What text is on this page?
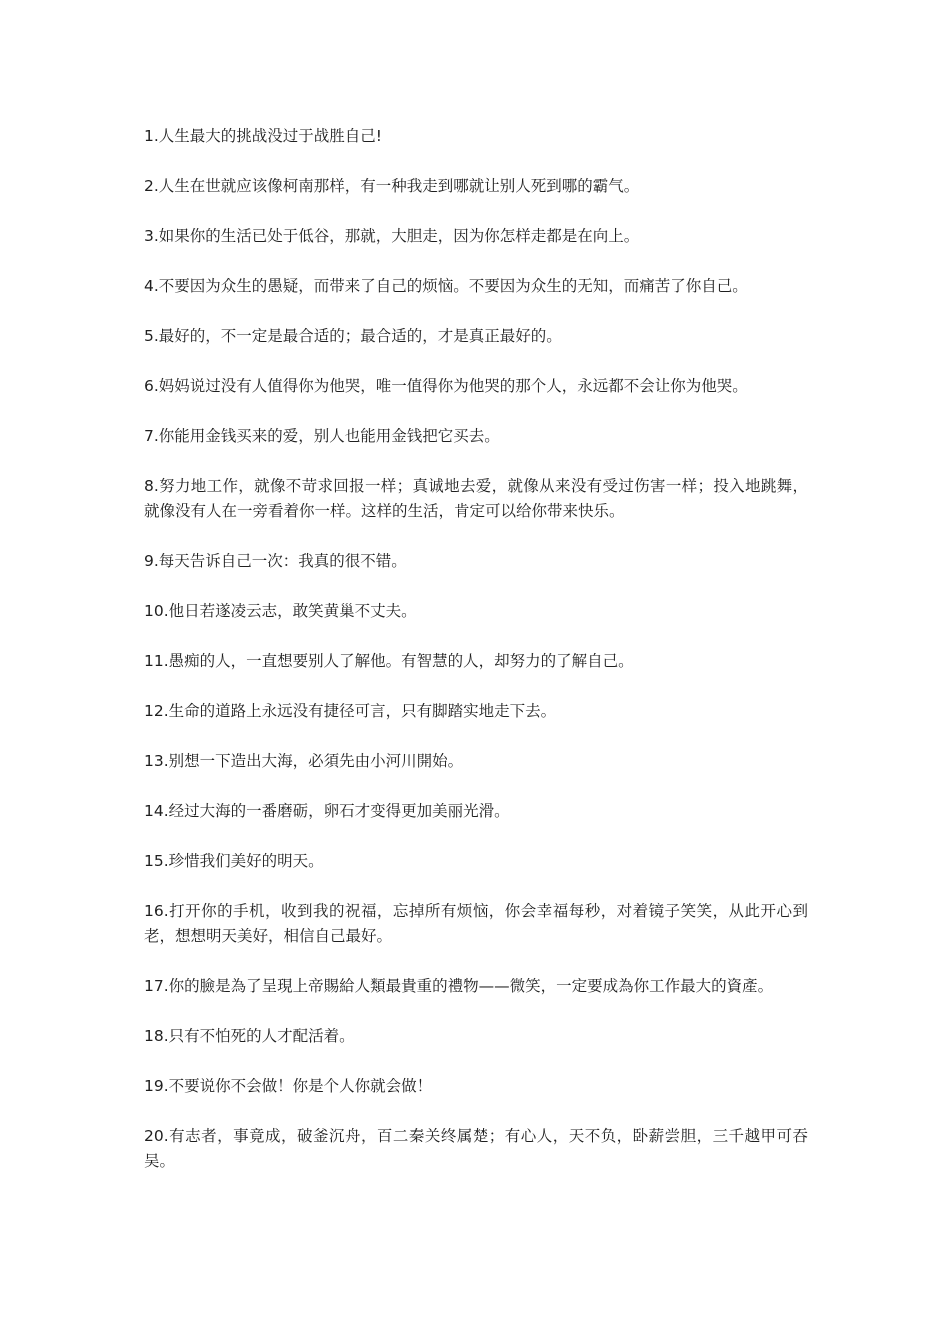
1.人生最大的挑战没过于战胜自己!

2.人生在世就应该像柯南那样，有一种我走到哪就让别人死到哪的霸气。

3.如果你的生活已处于低谷，那就，大胆走，因为你怎样走都是在向上。

4.不要因为众生的愚疑，而带来了自己的烦恼。不要因为众生的无知，而痛苦了你自己。

5.最好的，不一定是最合适的；最合适的，才是真正最好的。

6.妈妈说过没有人值得你为他哭，唯一值得你为他哭的那个人，永远都不会让你为他哭。

7.你能用金钱买来的爱，别人也能用金钱把它买去。

8.努力地工作，就像不苛求回报一样；真诚地去爱，就像从来没有受过伤害一样；投入地跳舞，就像没有人在一旁看着你一样。这样的生活，肯定可以给你带来快乐。

9.每天告诉自己一次：我真的很不错。

10.他日若遂凌云志，敢笑黄巢不丈夫。

11.愚痴的人，一直想要别人了解他。有智慧的人，却努力的了解自己。

12.生命的道路上永远没有捷径可言，只有脚踏实地走下去。

13.别想一下造出大海，必須先由小河川開始。

14.经过大海的一番磨砺，卵石才变得更加美丽光滑。

15.珍惜我们美好的明天。

16.打开你的手机，收到我的祝福，忘掉所有烦恼，你会幸福每秒，对着镜子笑笑，从此开心到老，想想明天美好，相信自己最好。

17.你的臉是為了呈現上帝賜給人類最貴重的禮物——微笑，一定要成為你工作最大的資產。

18.只有不怕死的人才配活着。

19.不要说你不会做！你是个人你就会做！

20.有志者，事竟成，破釜沉舟，百二秦关终属楚；有心人，天不负，卧薪尝胆，三千越甲可吞吴。
